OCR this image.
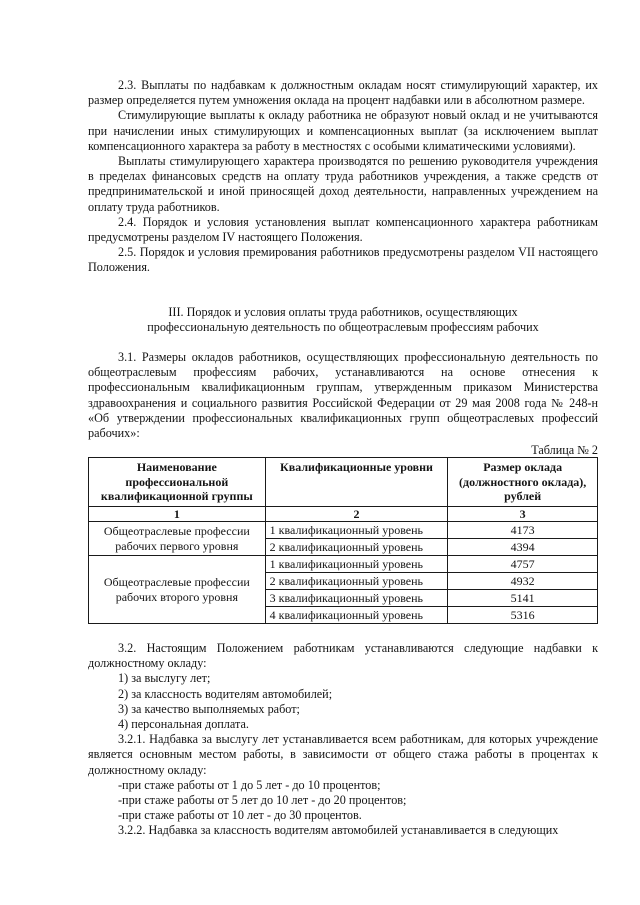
2.3. Выплаты по надбавкам к должностным окладам носят стимулирующий характер, их размер определяется путем умножения оклада на процент надбавки или в абсолютном размере.

Стимулирующие выплаты к окладу работника не образуют новый оклад и не учитываются при начислении иных стимулирующих и компенсационных выплат (за исключением выплат компенсационного характера за работу в местностях с особыми климатическими условиями).

Выплаты стимулирующего характера производятся по решению руководителя учреждения в пределах финансовых средств на оплату труда работников учреждения, а также средств от предпринимательской и иной приносящей доход деятельности, направленных учреждением на оплату труда работников.

2.4. Порядок и условия установления выплат компенсационного характера работникам предусмотрены разделом IV настоящего Положения.

2.5. Порядок и условия премирования работников предусмотрены разделом VII настоящего Положения.

III. Порядок и условия оплаты труда работников, осуществляющих

профессиональную деятельность по общеотраслевым профессиям рабочих

3.1. Размеры окладов работников, осуществляющих профессиональную деятельность по общеотраслевым профессиям рабочих, устанавливаются на основе отнесения к профессиональным квалификационным группам, утвержденным приказом Министерства здравоохранения и социального развития Российской Федерации от 29 мая 2008 года № 248-н «Об утверждении профессиональных квалификационных групп общеотраслевых профессий рабочих»:

Таблица № 2

Наименование профессиональной квалификационной группы	Квалификационные уровни	Размер оклада (должностного оклада), рублей
1	2	3
Общеотраслевые профессии рабочих первого уровня	1 квалификационный уровень	4173
	2 квалификационный уровень	4394
Общеотраслевые профессии рабочих второго уровня	1 квалификационный уровень	4757
	2 квалификационный уровень	4932
	3 квалификационный уровень	5141
	4 квалификационный уровень	5316

3.2. Настоящим Положением работникам устанавливаются следующие надбавки к должностному окладу:

1) за выслугу лет;

2) за классность водителям автомобилей;

3) за качество выполняемых работ;

4) персональная доплата.

3.2.1. Надбавка за выслугу лет устанавливается всем работникам, для которых учреждение является основным местом работы, в зависимости от общего стажа работы в процентах к должностному окладу:

-при стаже работы от 1 до 5 лет - до 10 процентов;

-при стаже работы от 5 лет до 10 лет - до 20 процентов;

-при стаже работы от 10 лет - до 30 процентов.

3.2.2. Надбавка за классность водителям автомобилей устанавливается в следующих
